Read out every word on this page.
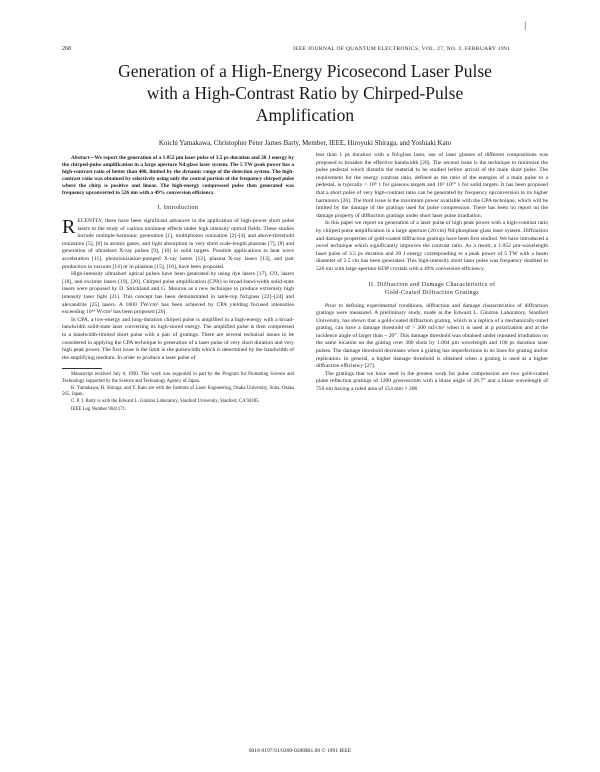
|
268	IEEE JOURNAL OF QUANTUM ELECTRONICS, VOL. 27, NO. 2, FEBRUARY 1991
Generation of a High-Energy Picosecond Laser Pulse
with a High-Contrast Ratio by Chirped-Pulse
Amplification
Koichi Yamakawa, Christopher Peter James Barty, Member, IEEE, Hiroyuki Shiraga, and Yoshiaki Kato

Abstract—We report the generation of a 1.052 μm laser pulse of 3.5 ps duration and 20 J energy by the chirped-pulse amplification in a large aperture Nd:glass laser system. The 5 TW peak power has a high-contrast ratio of better than 400, limited by the dynamic range of the detection system. The high-contrast ratio was obtained by selectively using only the central portion of the frequency chirped pulse where the chirp is positive and linear. The high-energy compressed pulse then generated was frequency upconverted to 526 nm with a 49% conversion efficiency.

I. Introduction

RECENTLY, there have been significant advances in the application of high-power short pulse lasers to the study of various nonlinear effects under high intensity optical fields. These studies include multiple-harmonic generation [1], multiphoton ionization [2]–[4] and above-threshold ionization [5], [6] in atomic gases, and light absorption in very short scale-length plasmas [7], [8] and generation of ultrashort X-ray pulses [9], [10] in solid targets. Possible applications to beat wave acceleration [11], photoionization-pumped X-ray lasers [12], plasma X-ray lasers [13], and pair production in vacuum [14] or in plasmas [15], [16], have been proposed.

High-intensity ultrashort optical pulses have been generated by using dye lasers [17], CO₂ lasers [18], and excimer lasers [19], [20]. Chirped pulse amplification (CPA) in broad-band-width solid-state lasers were proposed by D. Strickland and G. Mourou as a new technique to produce extremely high intensity laser light [21]. This concept has been demonstrated in table-top Nd:glass [22]–[24] and alexandrite [25] lasers. A 1000 TW/cm² has been achieved by CPA yielding focused intensities exceeding 10¹⁸ W/cm² has been proposed [26].

In CPA, a low-energy and long-duration chirped pulse is amplified in a high-energy with a broad-bandwidth solid-state laser converting its high-stored energy. The amplified pulse is then compressed to a bandwidth-limited short pulse with a pair of gratings. There are several technical issues to be considered in applying the CPA technique to generation of a laser pulse of very short duration and very high peak power. The first issue is the limit in the pulsewidth which is determined by the bandwidth of the amplifying medium. In order to produce a laser pulse of

Manuscript received July 6, 1990. This work was supported in part by the Program for Promoting Science and Technology supported by the Science and Technology Agency of Japan.

K. Yamakawa, H. Shiraga, and Y. Kato are with the Institute of Laser Engineering, Osaka University, Suita, Osaka 565, Japan.

C. P. J. Barty is with the Edward L. Ginzton Laboratory, Stanford University, Stanford, CA 94305.

IEEE Log Number 9041171.

less than 1 ps duration with a Nd:glass laser, use of laser glasses of different compositions was proposed to broaden the effective bandwidth [26]. The second issue is the technique to minimize the pulse pedestal which disturbs the material to be studied before arrival of the main short pulse. The requirement for the energy contrast ratio, defined as the ratio of the energies of a main pulse to a pedestal, is typically > 10⁸ 1 for gaseous targets and 10⁶ 10¹⁰ 1 for solid targets. It has been proposed that a short pulse of very high-contrast ratio can be generated by frequency upconversion to its higher harmonics [26]. The third issue is the maximum power available with the CPA technique, which will be limited by the damage of the gratings used for pulse compression. There has been no report on the damage property of diffraction gratings under short laser pulse irradiation.

In this paper we report on generation of a laser pulse of high peak power with a high-contrast ratio by chirped pulse amplification in a large aperture (20 cm) Nd:phosphate glass laser system. Diffraction and damage properties of gold-coated diffraction gratings have been first studied. We have introduced a novel technique which significantly improves the contrast ratio. As a result, a 1.052 μm-wavelength laser pulse of 3.5 ps duration and 20 J energy corresponding to a peak power of 5 TW with a beam diameter of 2.5 cm has been generated. This high-intensity short laser pulse was frequency doubled to 526 nm with large aperture KDP crystals with a 49% conversion efficiency.

II. Diffraction and Damage Characteristics of
Gold-Coated Diffraction Gratings

Prior to defining experimental conditions, diffraction and damage characteristics of diffraction gratings were measured. A preliminary study, made at the Edward L. Ginzton Laboratory, Stanford University, has shown that a gold-coated diffraction grating, which is a replica of a mechanically-ruled grating, can have a damage threshold of > 200 mJ/cm² when it is used at p polarization and at the incidence angle of larger than ~ 20°. This damage threshold was obtained under repeated irradiation on the same location on the grating over 300 shots by 1.064 μm wavelength and 100 ps duration laser pulses. The damage threshold decreases when a grating has imperfections in its lines for grating and/or replication. In general, a higher damage threshold is obtained when a grating is used at a higher diffraction efficiency [27].

The gratings that we have used in the present work for pulse compression are two gold-coated plane reflection gratings of 1200 grooves/mm with a blaze angle of 26.7° and a blaze wavelength of 750 nm having a ruled area of 154 mm × 206

0018-9197/91/0200-0288$01.00 © 1991 IEEE
